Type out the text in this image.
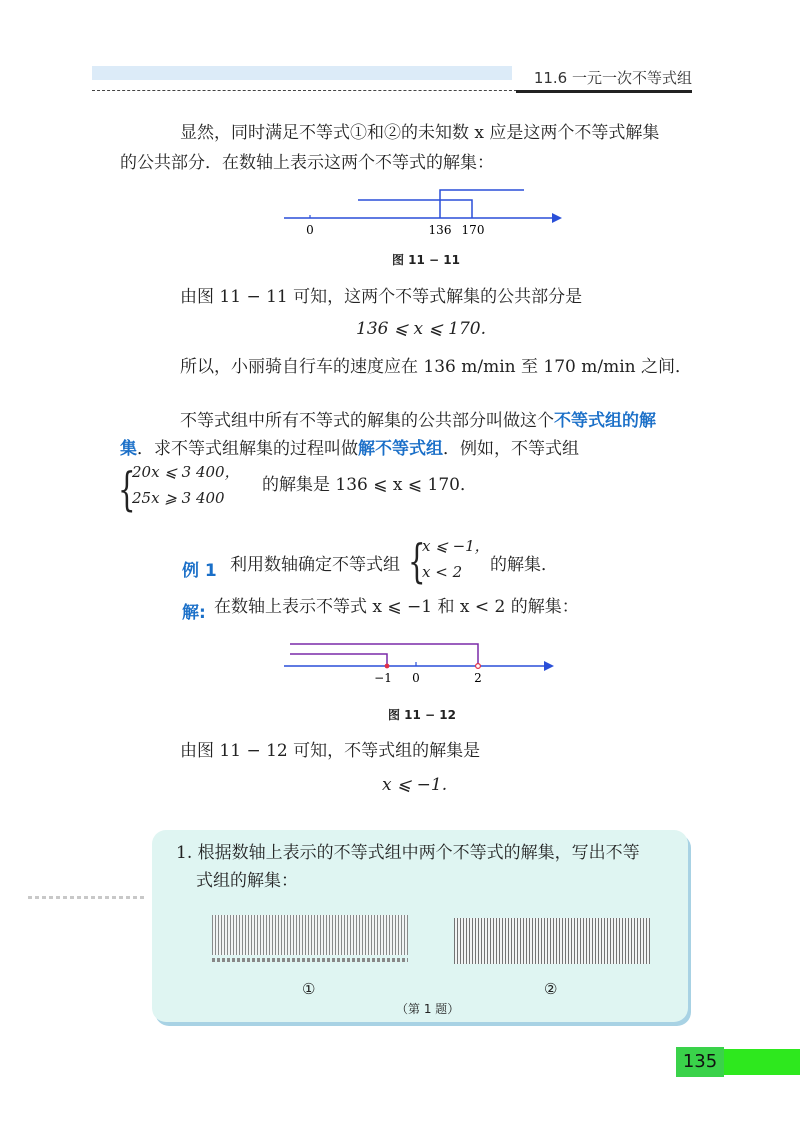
11.6 一元一次不等式组
显然，同时满足不等式①和②的未知数 x 应是这两个不等式解集
的公共部分．在数轴上表示这两个不等式的解集：
0	136 170
图 11 − 11
由图 11 − 11 可知，这两个不等式解集的公共部分是
136 ⩽ x ⩽ 170.
所以，小丽骑自行车的速度应在 136 m/min 至 170 m/min 之间．
不等式组中所有不等式的解集的公共部分叫做这个不等式组的解
集．求不等式组解集的过程叫做解不等式组．例如，不等式组
{
20x ⩽ 3 400，
25x ⩾ 3 400
的解集是 136 ⩽ x ⩽ 170．
例 1 利用数轴确定不等式组 {
x ⩽ −1，
x < 2 的解集．
解: 在数轴上表示不等式 x ⩽ −1 和 x < 2 的解集：
−1 0	2
图 11 − 12
由图 11 − 12 可知，不等式组的解集是
x ⩽ −1.
1. 根据数轴上表示的不等式组中两个不等式的解集，写出不等
式组的解集：
①	②
（第 1 题）
135
